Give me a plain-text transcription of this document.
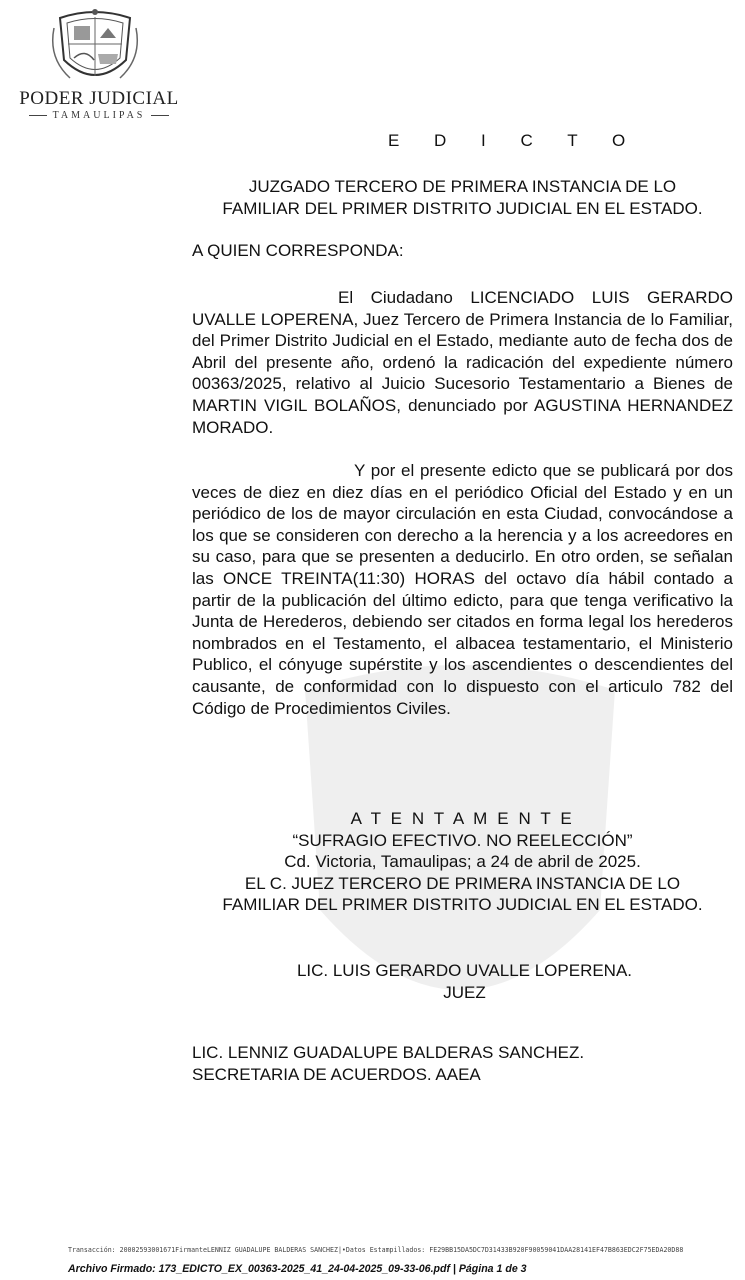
PODER JUDICIAL
TAMAULIPAS
E D I C T O
JUZGADO TERCERO DE PRIMERA INSTANCIA DE LO
FAMILIAR DEL PRIMER DISTRITO JUDICIAL EN EL ESTADO.
A QUIEN CORRESPONDA:
El Ciudadano LICENCIADO LUIS GERARDO UVALLE LOPERENA, Juez Tercero de Primera Instancia de lo Familiar, del Primer Distrito Judicial en el Estado, mediante auto de fecha dos de Abril del presente año, ordenó la radicación del expediente número 00363/2025, relativo al Juicio Sucesorio Testamentario a Bienes de MARTIN VIGIL BOLAÑOS, denunciado por AGUSTINA HERNANDEZ MORADO.
Y por el presente edicto que se publicará por dos veces de diez en diez días en el periódico Oficial del Estado y en un periódico de los de mayor circulación en esta Ciudad, convocándose a los que se consideren con derecho a la herencia y a los acreedores en su caso, para que se presenten a deducirlo. En otro orden, se señalan las ONCE TREINTA(11:30) HORAS del octavo día hábil contado a partir de la publicación del último edicto, para que tenga verificativo la Junta de Herederos, debiendo ser citados en forma legal los herederos nombrados en el Testamento, el albacea testamentario, el Ministerio Publico, el cónyuge supérstite y los ascendientes o descendientes del causante, de conformidad con lo dispuesto con el articulo 782 del Código de Procedimientos Civiles.
A T E N T A M E N T E
“SUFRAGIO EFECTIVO. NO REELECCIÓN”
Cd. Victoria, Tamaulipas; a 24 de abril de 2025.
EL C. JUEZ TERCERO DE PRIMERA INSTANCIA DE LO
FAMILIAR DEL PRIMER DISTRITO JUDICIAL EN EL ESTADO.
LIC. LUIS GERARDO UVALLE LOPERENA.
JUEZ
LIC. LENNIZ GUADALUPE BALDERAS SANCHEZ.
SECRETARIA DE ACUERDOS. AAEA
Transacción: 20002593001671FirmanteLENNIZ GUADALUPE BALDERAS SANCHEZ|•Datos Estampillados: FE29BB15DA5DC7D31433B920F90059041DAA28141EF47B863EDC2F75EDA20D88
Archivo Firmado: 173_EDICTO_EX_00363-2025_41_24-04-2025_09-33-06.pdf | Página 1 de 3
